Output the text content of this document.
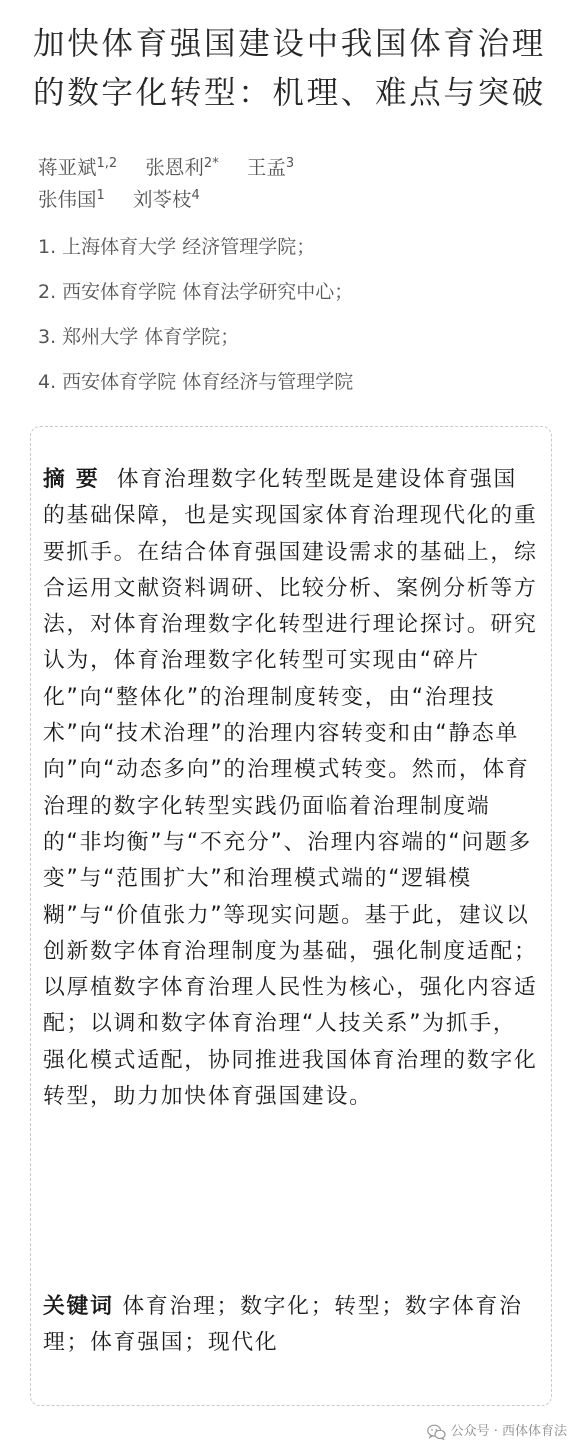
加快体育强国建设中我国体育治理的数字化转型：机理、难点与突破
蒋亚斌$^{1,2}$ 张恩利$^{2*}$ 王孟$^3$
张伟国$^1$ 刘苓枝$^4$
1. 上海体育大学 经济管理学院；
2. 西安体育学院 体育法学研究中心；
3. 郑州大学 体育学院；
4. 西安体育学院 体育经济与管理学院

摘 要 体育治理数字化转型既是建设体育强国的基础保障，也是实现国家体育治理现代化的重要抓手。在结合体育强国建设需求的基础上，综合运用文献资料调研、比较分析、案例分析等方法，对体育治理数字化转型进行理论探讨。研究认为，体育治理数字化转型可实现由“碎片化”向“整体化”的治理制度转变，由“治理技术”向“技术治理”的治理内容转变和由“静态单向”向“动态多向”的治理模式转变。然而，体育治理的数字化转型实践仍面临着治理制度端的“非均衡”与“不充分”、治理内容端的“问题多变”与“范围扩大”和治理模式端的“逻辑模糊”与“价值张力”等现实问题。基于此，建议以创新数字体育治理制度为基础，强化制度适配；以厚植数字体育治理人民性为核心，强化内容适配；以调和数字体育治理“人技关系”为抓手，强化模式适配，协同推进我国体育治理的数字化转型，助力加快体育强国建设。

关键词 体育治理；数字化；转型；数字体育治理；体育强国；现代化

公众号 · 西体体育法
